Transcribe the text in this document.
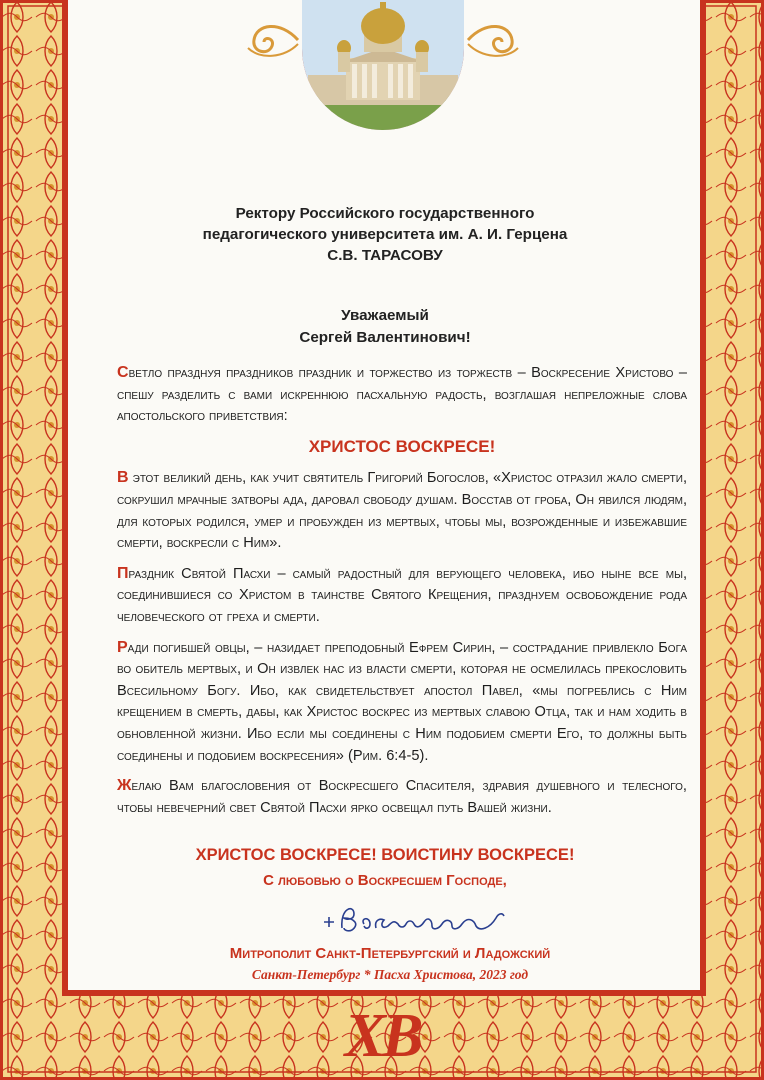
Ректору Российского государственного
педагогического университета им. А. И. Герцена
С.В. ТАРАСОВУ
Уважаемый
Сергей Валентинович!

Светло празднуя праздников праздник и торжество из торжеств – Воскресение Христово – спешу разделить с вами искреннюю пасхальную радость, возглашая непреложные слова апостольского приветствия:

ХРИСТОС ВОСКРЕСЕ!

В этот великий день, как учит святитель Григорий Богослов, «Христос отразил жало смерти, сокрушил мрачные затворы ада, даровал свободу душам. Восстав от гроба, Он явился людям, для которых родился, умер и пробужден из мертвых, чтобы мы, возрожденные и избежавшие смерти, воскресли с Ним».

Праздник Святой Пасхи – самый радостный для верующего человека, ибо ныне все мы, соединившиеся со Христом в таинстве Святого Крещения, празднуем освобождение рода человеческого от греха и смерти.

Ради погибшей овцы, – назидает преподобный Ефрем Сирин, – сострадание привлекло Бога во обитель мертвых, и Он извлек нас из власти смерти, которая не осмелилась прекословить Всесильному Богу. Ибо, как свидетельствует апостол Павел, «мы погреблись с Ним крещением в смерть, дабы, как Христос воскрес из мертвых славою Отца, так и нам ходить в обновленной жизни. Ибо если мы соединены с Ним подобием смерти Его, то должны быть соединены и подобием воскресения» (Рим. 6:4-5).

Желаю Вам благословения от Воскресшего Спасителя, здравия душевного и телесного, чтобы невечерний свет Святой Пасхи ярко освещал путь Вашей жизни.

ХРИСТОС ВОСКРЕСЕ! ВОИСТИНУ ВОСКРЕСЕ!
С любовью о Воскресшем Господе,
Митрополит Санкт-Петербургский и Ладожский
Санкт-Петербург * Пасха Христова, 2023 год
ХВ
